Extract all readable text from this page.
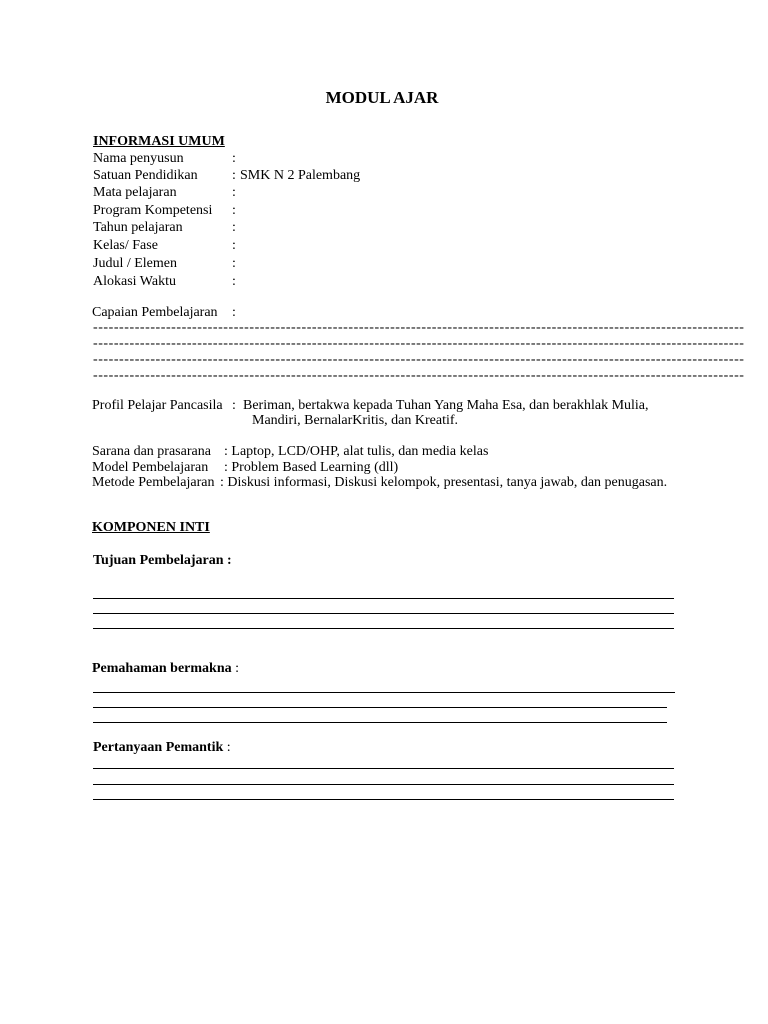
MODUL AJAR
INFORMASI UMUM
Nama penyusun	:
Satuan Pendidikan : SMK N 2 Palembang
Mata pelajaran	:
Program Kompetensi :
Tahun pelajaran	:
Kelas/ Fase	:
Judul / Elemen	:
Alokasi Waktu	:
Capaian Pembelajaran :
-----------------------------------------------------------------------------------------------------------------------------
-----------------------------------------------------------------------------------------------------------------------------
-----------------------------------------------------------------------------------------------------------------------------
-----------------------------------------------------------------------------------------------------------------------------
Profil Pelajar Pancasila : Beriman, bertakwa kepada Tuhan Yang Maha Esa, dan berakhlak Mulia,
Mandiri, BernalarKritis, dan Kreatif.
Sarana dan prasarana : Laptop, LCD/OHP, alat tulis, dan media kelas
Model Pembelajaran : Problem Based Learning (dll)
Metode Pembelajaran : Diskusi informasi, Diskusi kelompok, presentasi, tanya jawab, dan penugasan.
KOMPONEN INTI
Tujuan Pembelajaran :
Pemahaman bermakna :
Pertanyaan Pemantik :
